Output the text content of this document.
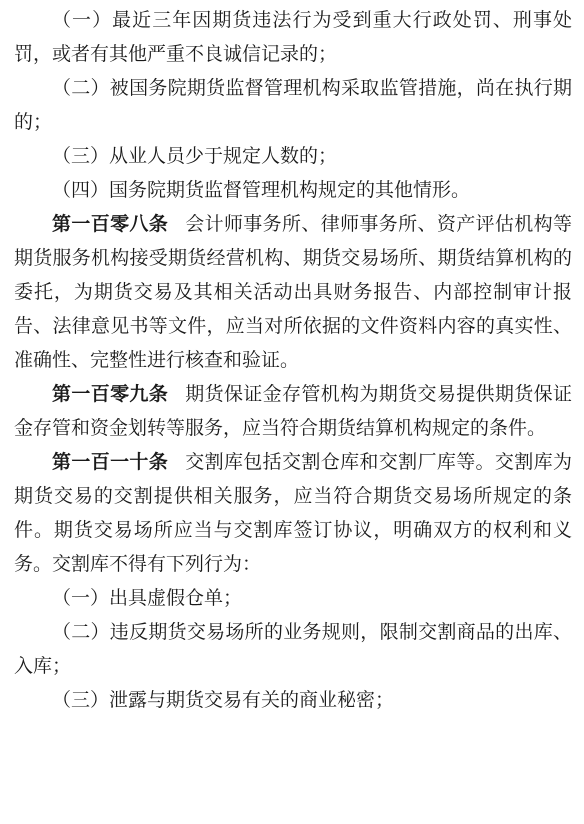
（一）最近三年因期货违法行为受到重大行政处罚、刑事处罚，或者有其他严重不良诚信记录的；

（二）被国务院期货监督管理机构采取监管措施，尚在执行期的；

（三）从业人员少于规定人数的；

（四）国务院期货监督管理机构规定的其他情形。

第一百零八条 会计师事务所、律师事务所、资产评估机构等期货服务机构接受期货经营机构、期货交易场所、期货结算机构的委托，为期货交易及其相关活动出具财务报告、内部控制审计报告、法律意见书等文件，应当对所依据的文件资料内容的真实性、准确性、完整性进行核查和验证。

第一百零九条 期货保证金存管机构为期货交易提供期货保证金存管和资金划转等服务，应当符合期货结算机构规定的条件。

第一百一十条 交割库包括交割仓库和交割厂库等。交割库为期货交易的交割提供相关服务，应当符合期货交易场所规定的条件。期货交易场所应当与交割库签订协议，明确双方的权利和义务。交割库不得有下列行为：

（一）出具虚假仓单；

（二）违反期货交易场所的业务规则，限制交割商品的出库、入库；

（三）泄露与期货交易有关的商业秘密；
